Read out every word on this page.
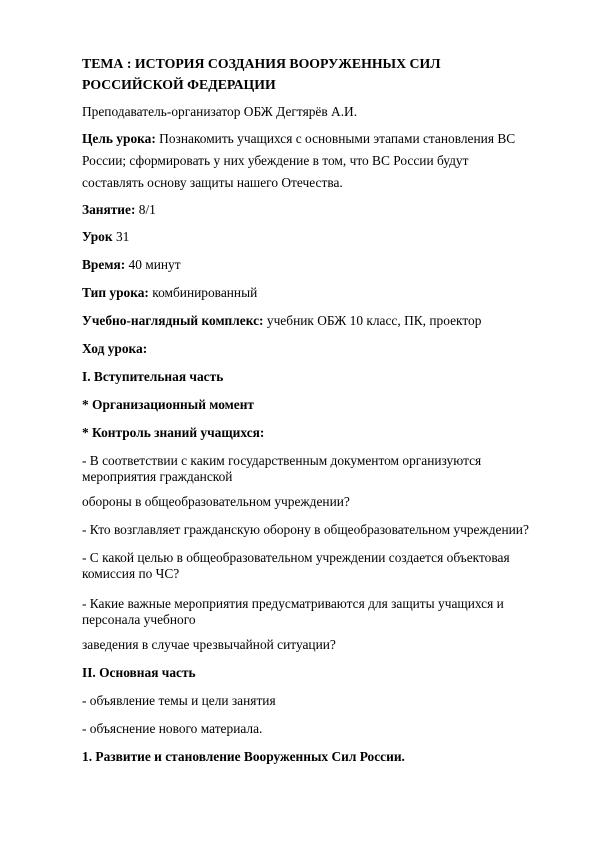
ТЕМА : ИСТОРИЯ СОЗДАНИЯ ВООРУЖЕННЫХ СИЛ
РОССИЙСКОЙ ФЕДЕРАЦИИ
Преподаватель-организатор ОБЖ Дегтярёв А.И.
Цель урока: Познакомить учащихся с основными этапами становления ВС
России; сформировать у них убеждение в том, что ВС России будут
составлять основу защиты нашего Отечества.
Занятие: 8/1
Урок 31
Время: 40 минут
Тип урока: комбинированный
Учебно-наглядный комплекс: учебник ОБЖ 10 класс, ПК, проектор
Ход урока:
I. Вступительная часть
* Организационный момент
* Контроль знаний учащихся:
- В соответствии с каким государственным документом организуются
мероприятия гражданской
обороны в общеобразовательном учреждении?
- Кто возглавляет гражданскую оборону в общеобразовательном учреждении?
- С какой целью в общеобразовательном учреждении создается объектовая
комиссия по ЧС?
- Какие важные мероприятия предусматриваются для защиты учащихся и
персонала учебного
заведения в случае чрезвычайной ситуации?
II. Основная часть
- объявление темы и цели занятия
- объяснение нового материала.
1. Развитие и становление Вооруженных Сил России.
